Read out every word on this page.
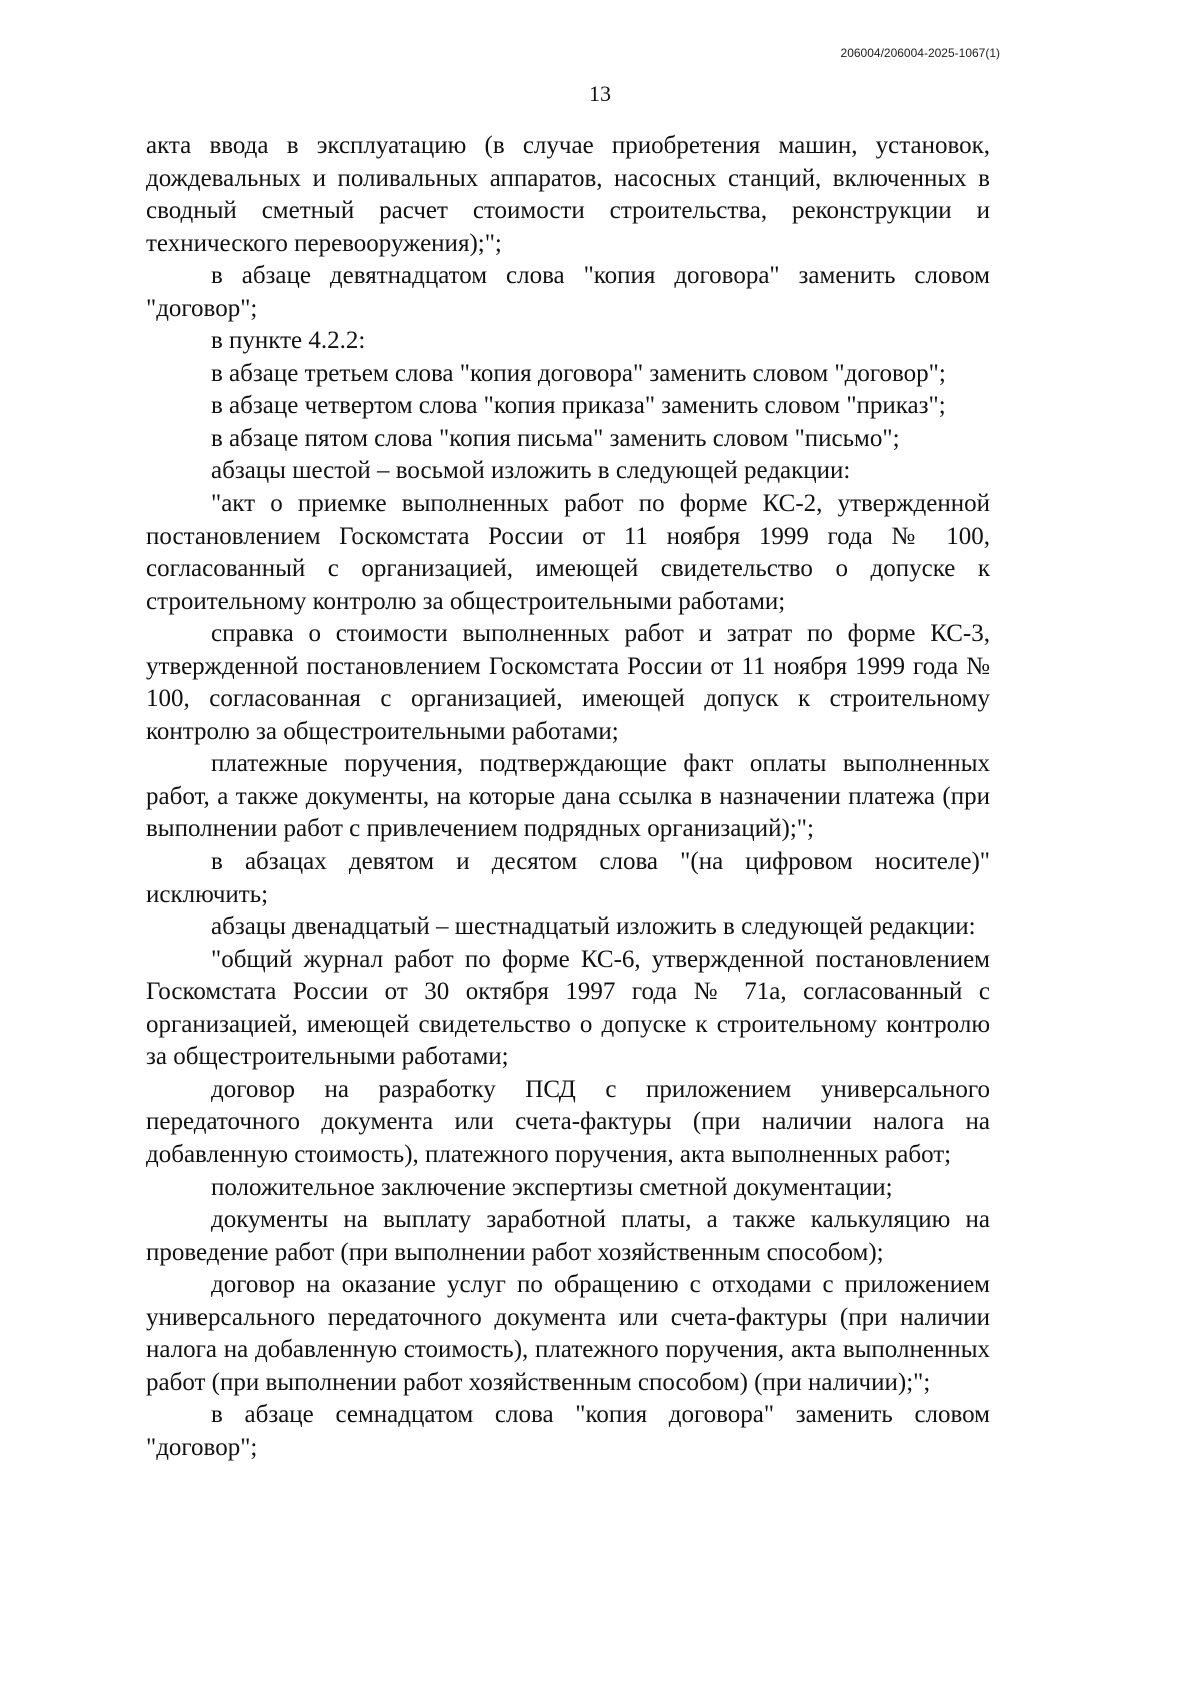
206004/206004-2025-1067(1)
13

акта ввода в эксплуатацию (в случае приобретения машин, установок, дождевальных и поливальных аппаратов, насосных станций, включенных в сводный сметный расчет стоимости строительства, реконструкции и технического перевооружения);";

в абзаце девятнадцатом слова "копия договора" заменить словом "договор";

в пункте 4.2.2:

в абзаце третьем слова "копия договора" заменить словом "договор";

в абзаце четвертом слова "копия приказа" заменить словом "приказ";

в абзаце пятом слова "копия письма" заменить словом "письмо";

абзацы шестой – восьмой изложить в следующей редакции:

"акт о приемке выполненных работ по форме КС-2, утвержденной постановлением Госкомстата России от 11 ноября 1999 года № 100, согласованный с организацией, имеющей свидетельство о допуске к строительному контролю за общестроительными работами;

справка о стоимости выполненных работ и затрат по форме КС-3, утвержденной постановлением Госкомстата России от 11 ноября 1999 года № 100, согласованная с организацией, имеющей допуск к строительному контролю за общестроительными работами;

платежные поручения, подтверждающие факт оплаты выполненных работ, а также документы, на которые дана ссылка в назначении платежа (при выполнении работ с привлечением подрядных организаций);";

в абзацах девятом и десятом слова "(на цифровом носителе)" исключить;

абзацы двенадцатый – шестнадцатый изложить в следующей редакции:

"общий журнал работ по форме КС-6, утвержденной постановлением Госкомстата России от 30 октября 1997 года № 71а, согласованный с организацией, имеющей свидетельство о допуске к строительному контролю за общестроительными работами;

договор на разработку ПСД с приложением универсального передаточного документа или счета-фактуры (при наличии налога на добавленную стоимость), платежного поручения, акта выполненных работ;

положительное заключение экспертизы сметной документации;

документы на выплату заработной платы, а также калькуляцию на проведение работ (при выполнении работ хозяйственным способом);

договор на оказание услуг по обращению с отходами с приложением универсального передаточного документа или счета-фактуры (при наличии налога на добавленную стоимость), платежного поручения, акта выполненных работ (при выполнении работ хозяйственным способом) (при наличии);";

в абзаце семнадцатом слова "копия договора" заменить словом "договор";
